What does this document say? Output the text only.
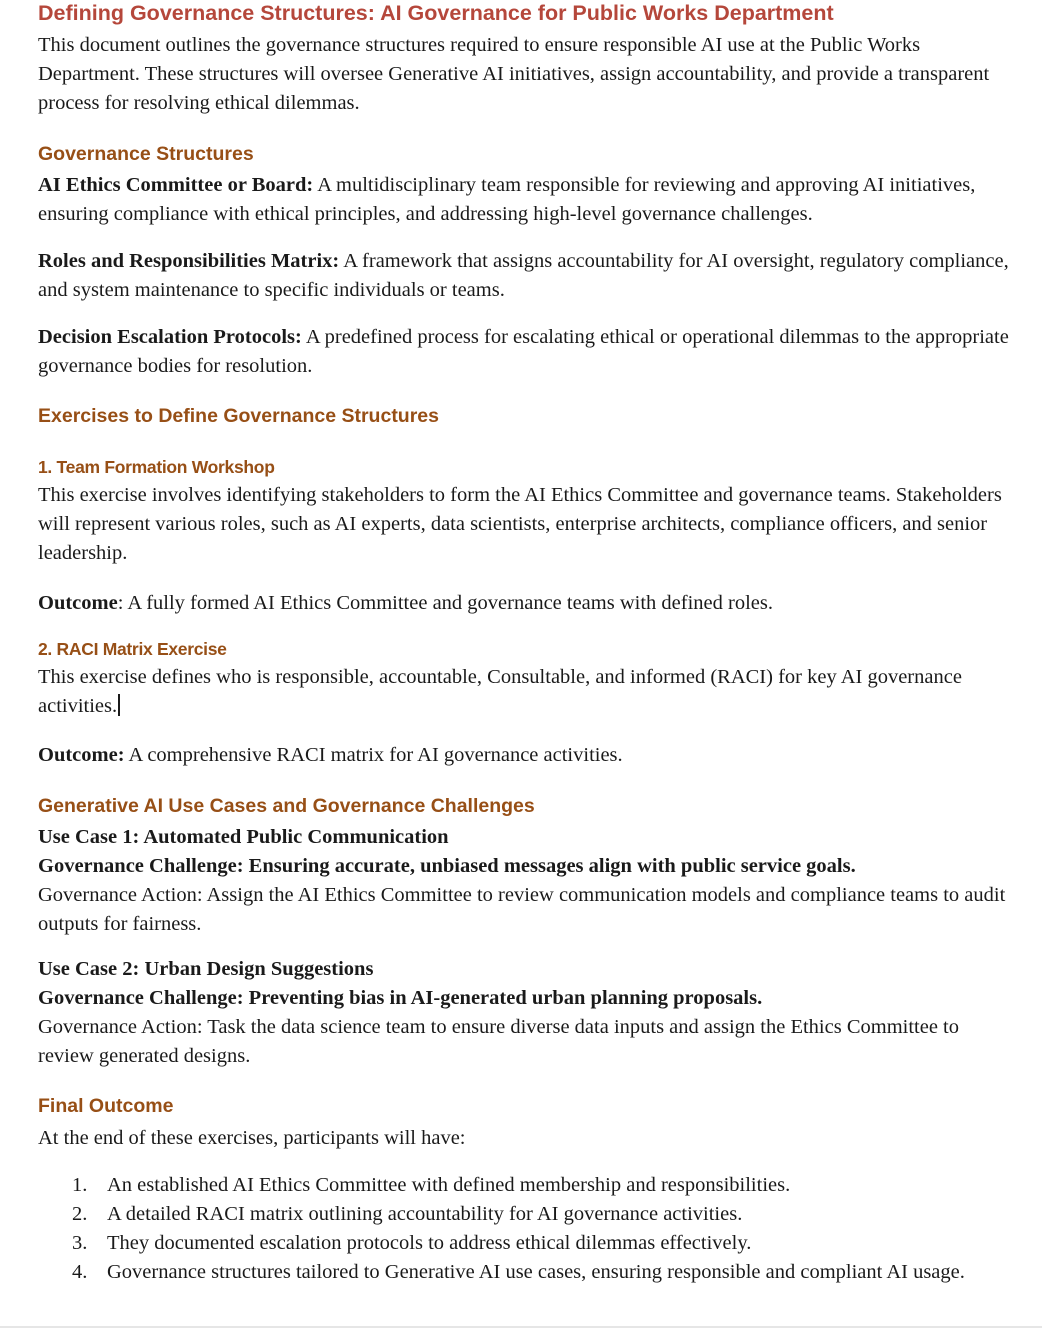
Defining Governance Structures: AI Governance for Public Works Department

This document outlines the governance structures required to ensure responsible AI use at the Public Works Department. These structures will oversee Generative AI initiatives, assign accountability, and provide a transparent process for resolving ethical dilemmas.

Governance Structures

AI Ethics Committee or Board: A multidisciplinary team responsible for reviewing and approving AI initiatives, ensuring compliance with ethical principles, and addressing high-level governance challenges.

Roles and Responsibilities Matrix: A framework that assigns accountability for AI oversight, regulatory compliance, and system maintenance to specific individuals or teams.

Decision Escalation Protocols: A predefined process for escalating ethical or operational dilemmas to the appropriate governance bodies for resolution.

Exercises to Define Governance Structures
1. Team Formation Workshop

This exercise involves identifying stakeholders to form the AI Ethics Committee and governance teams. Stakeholders will represent various roles, such as AI experts, data scientists, enterprise architects, compliance officers, and senior leadership.

Outcome: A fully formed AI Ethics Committee and governance teams with defined roles.

2. RACI Matrix Exercise

This exercise defines who is responsible, accountable, Consultable, and informed (RACI) for key AI governance activities.

Outcome: A comprehensive RACI matrix for AI governance activities.

Generative AI Use Cases and Governance Challenges

Use Case 1: Automated Public Communication

Governance Challenge: Ensuring accurate, unbiased messages align with public service goals.

Governance Action: Assign the AI Ethics Committee to review communication models and compliance teams to audit outputs for fairness.

Use Case 2: Urban Design Suggestions

Governance Challenge: Preventing bias in AI-generated urban planning proposals.

Governance Action: Task the data science team to ensure diverse data inputs and assign the Ethics Committee to review generated designs.

Final Outcome

At the end of these exercises, participants will have:

1. An established AI Ethics Committee with defined membership and responsibilities.
2. A detailed RACI matrix outlining accountability for AI governance activities.
3. They documented escalation protocols to address ethical dilemmas effectively.
4. Governance structures tailored to Generative AI use cases, ensuring responsible and compliant AI usage.
